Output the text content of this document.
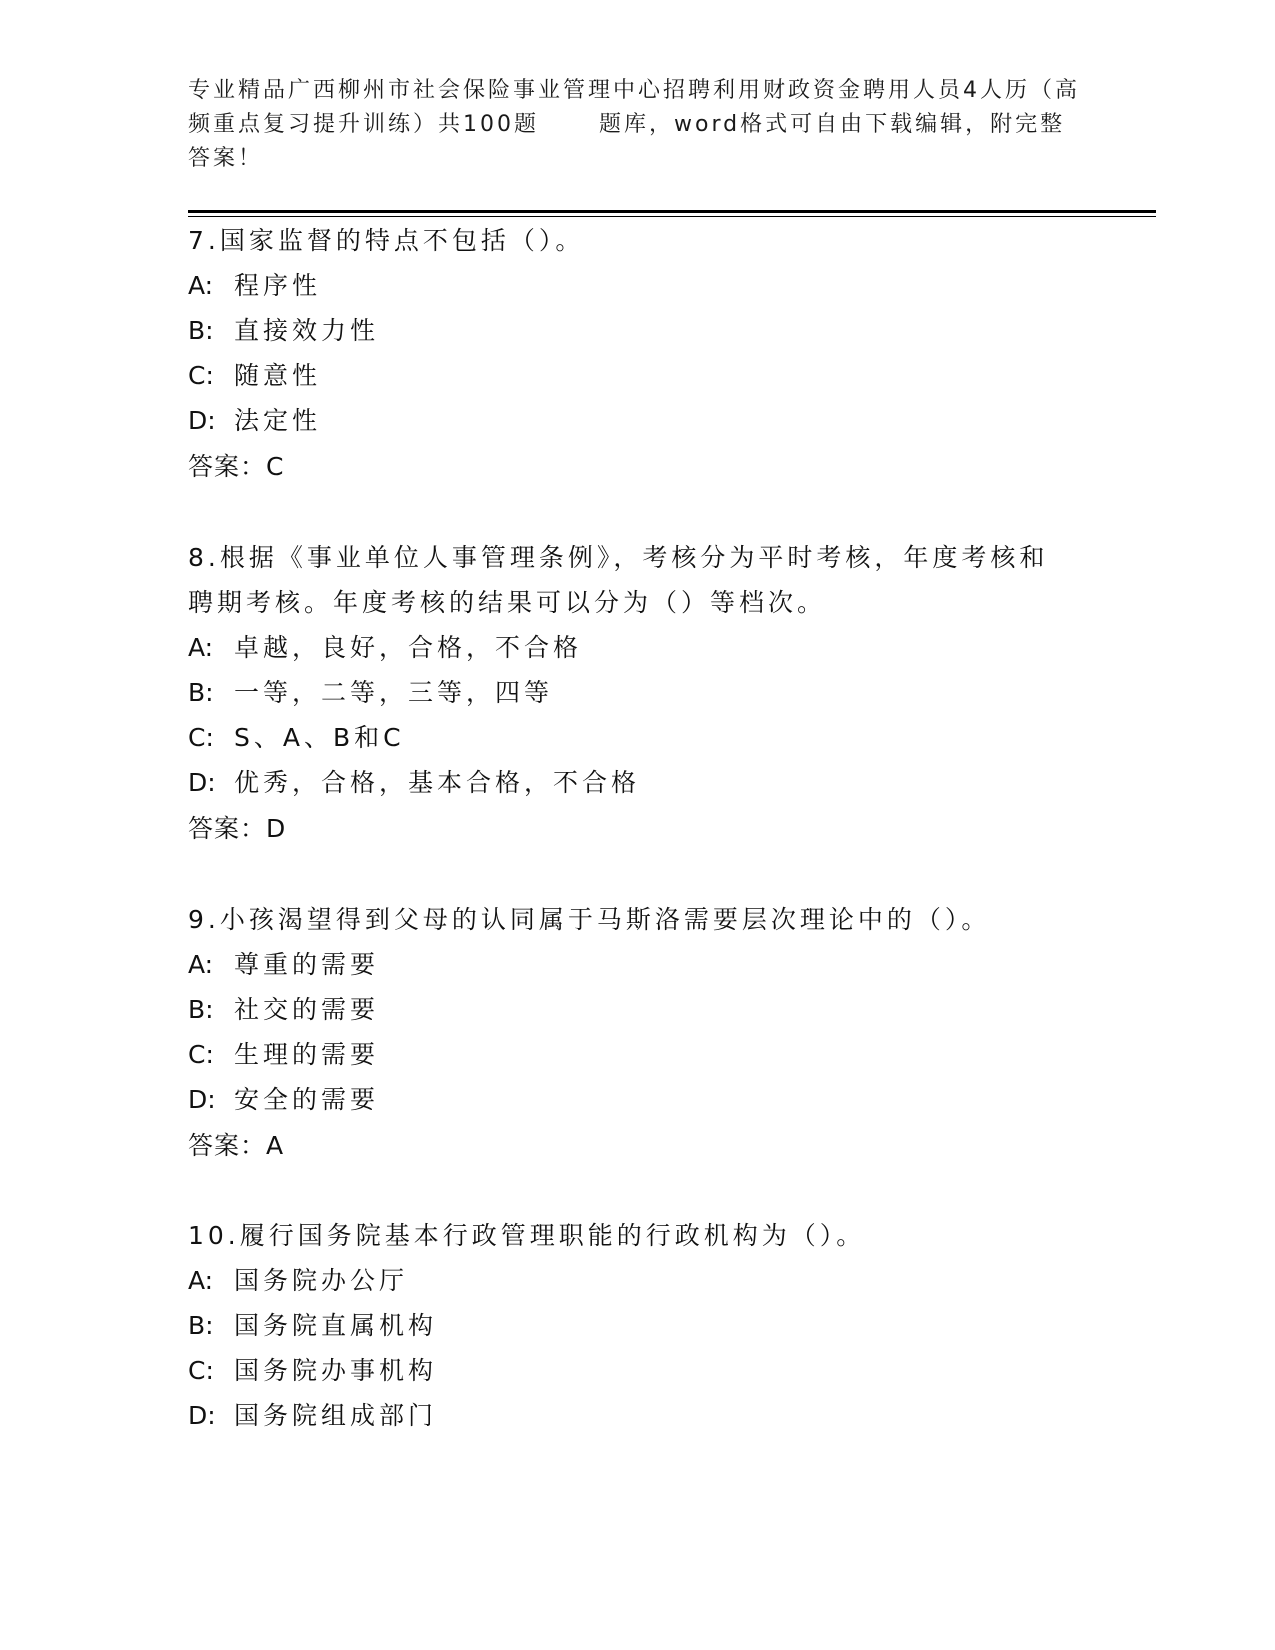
专业精品广西柳州市社会保险事业管理中心招聘利用财政资金聘用人员4人历（高
频重点复习提升训练）共100题	题库，word格式可自由下载编辑，附完整
答案！

7.国家监督的特点不包括（）。

A: 程序性

B: 直接效力性

C: 随意性

D: 法定性

答案：C

8.根据《事业单位人事管理条例》，考核分为平时考核，年度考核和

聘期考核。年度考核的结果可以分为（）等档次。

A: 卓越，良好，合格，不合格

B: 一等，二等，三等，四等

C: S、A、B和C

D: 优秀，合格，基本合格，不合格

答案：D

9.小孩渴望得到父母的认同属于马斯洛需要层次理论中的（）。

A: 尊重的需要

B: 社交的需要

C: 生理的需要

D: 安全的需要

答案：A

10.履行国务院基本行政管理职能的行政机构为（）。

A: 国务院办公厅

B: 国务院直属机构

C: 国务院办事机构

D: 国务院组成部门
